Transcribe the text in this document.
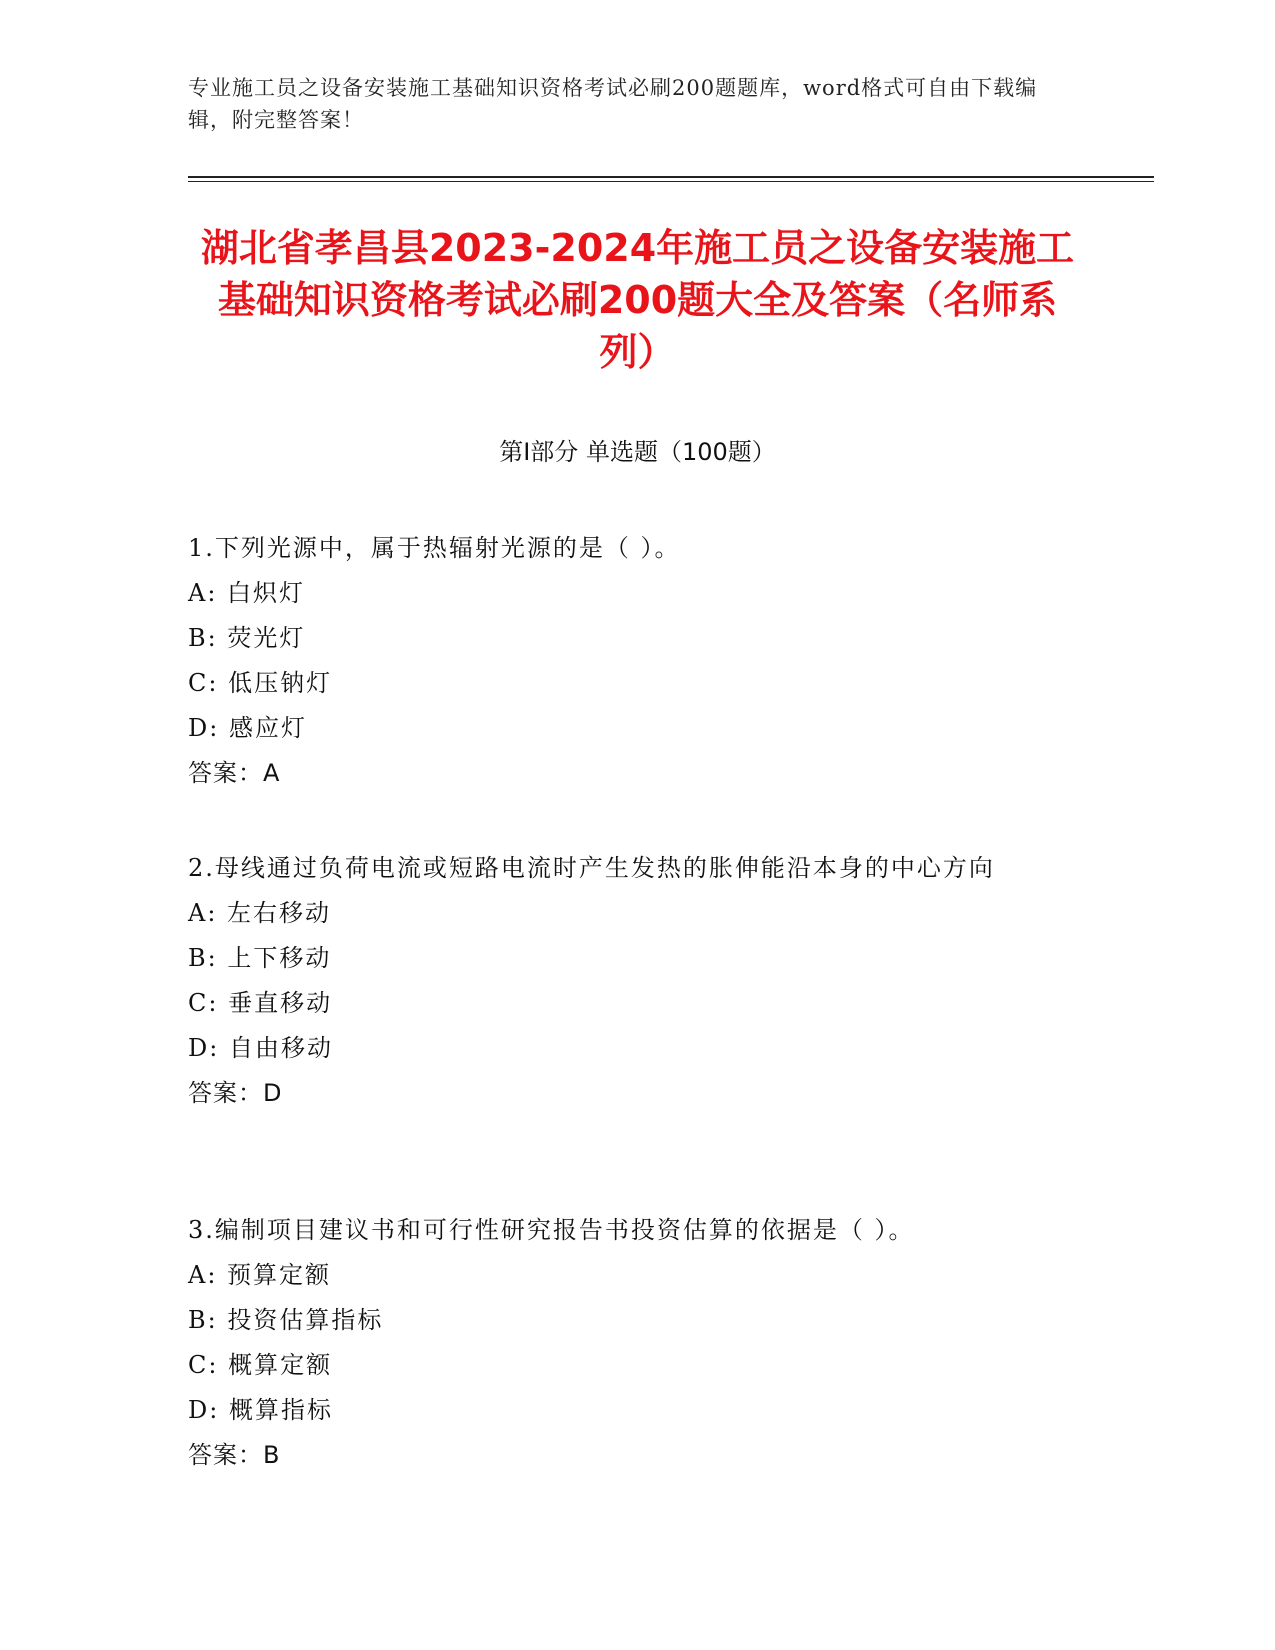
专业施工员之设备安装施工基础知识资格考试必刷200题题库，word格式可自由下载编辑，附完整答案！
湖北省孝昌县2023-2024年施工员之设备安装施工基础知识资格考试必刷200题大全及答案（名师系列）
第Ⅰ部分 单选题（100题）

1.下列光源中，属于热辐射光源的是（ ）。

A: 白炽灯

B: 荧光灯

C: 低压钠灯

D: 感应灯

答案：A

2.母线通过负荷电流或短路电流时产生发热的胀伸能沿本身的中心方向

A: 左右移动

B: 上下移动

C: 垂直移动

D: 自由移动

答案：D

3.编制项目建议书和可行性研究报告书投资估算的依据是（ ）。

A: 预算定额

B: 投资估算指标

C: 概算定额

D: 概算指标

答案：B
